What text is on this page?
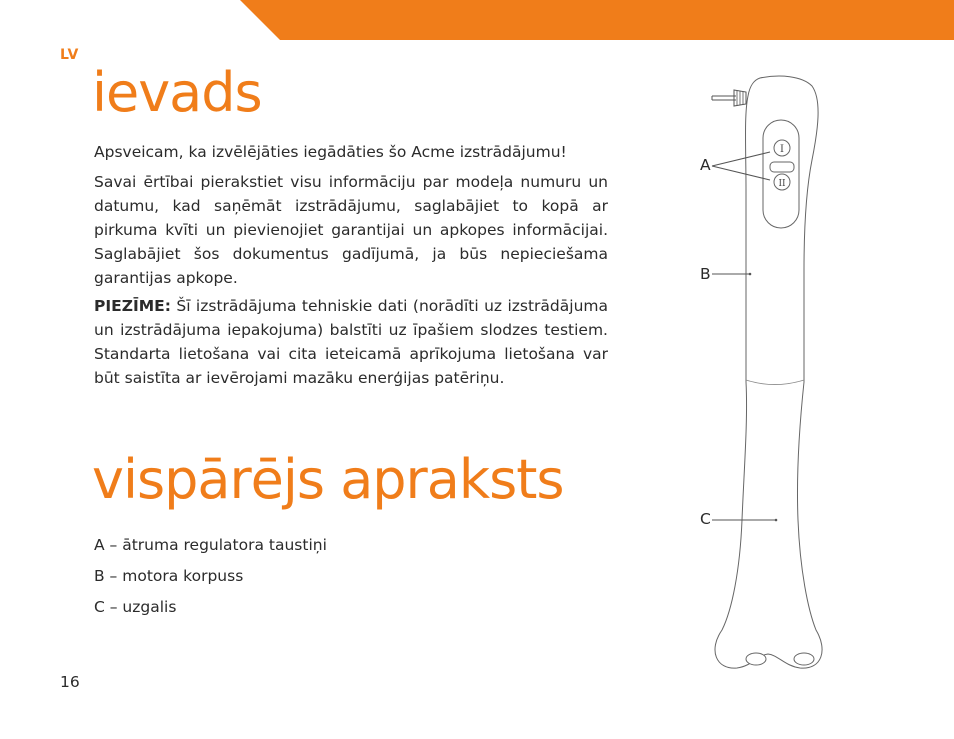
LV
ievads

Apsveicam, ka izvēlējāties iegādāties šo Acme izstrādājumu!

Savai ērtībai pierakstiet visu informāciju par modeļa numuru un datumu, kad saņēmāt izstrādājumu, saglabājiet to kopā ar pirkuma kvīti un pievienojiet garantijai un apkopes informācijai. Saglabājiet šos dokumentus gadījumā, ja būs nepieciešama garantijas apkope.

PIEZĪME: Šī izstrādājuma tehniskie dati (norādīti uz izstrādājuma un izstrādājuma iepakojuma) balstīti uz īpašiem slodzes testiem. Standarta lietošana vai cita ieteicamā aprīkojuma lietošana var būt saistīta ar ievērojami mazāku enerģijas patēriņu.

vispārējs apraksts
A – ātruma regulatora taustiņi
B – motora korpuss
C – uzgalis
16
I
II
A
B
C
